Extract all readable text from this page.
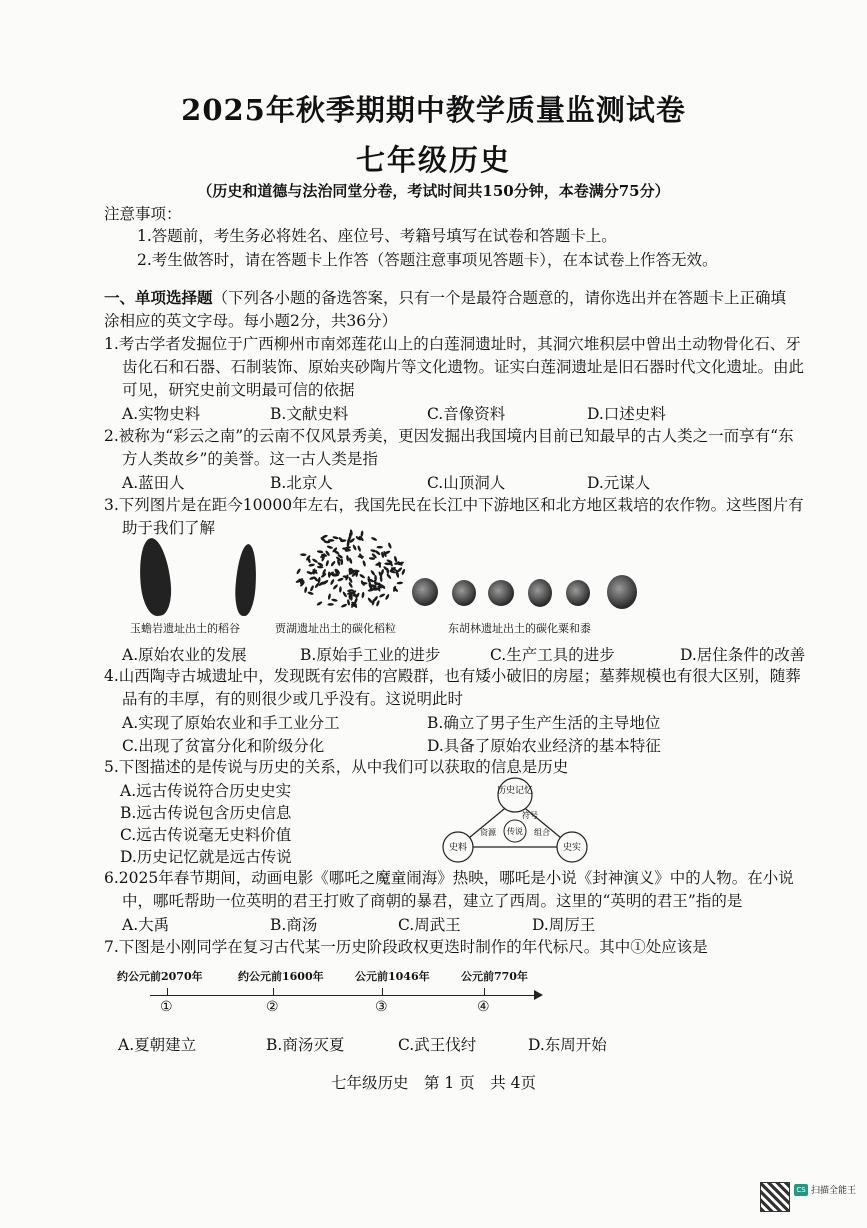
2025年秋季期期中教学质量监测试卷
七年级历史
（历史和道德与法治同堂分卷，考试时间共150分钟，本卷满分75分）
注意事项：
1.答题前，考生务必将姓名、座位号、考籍号填写在试卷和答题卡上。
2.考生做答时，请在答题卡上作答（答题注意事项见答题卡），在本试卷上作答无效。
一、单项选择题（下列各小题的备选答案，只有一个是最符合题意的，请你选出并在答题卡上正确填
涂相应的英文字母。每小题2分，共36分）
1.考古学者发掘位于广西柳州市南郊莲花山上的白莲洞遗址时，其洞穴堆积层中曾出土动物骨化石、牙
齿化石和石器、石制装饰、原始夹砂陶片等文化遗物。证实白莲洞遗址是旧石器时代文化遗址。由此
可见，研究史前文明最可信的依据
A.实物史料	B.文献史料	C.音像资料	D.口述史料
2.被称为“彩云之南”的云南不仅风景秀美，更因发掘出我国境内目前已知最早的古人类之一而享有“东
方人类故乡”的美誉。这一古人类是指
A.蓝田人	B.北京人	C.山顶洞人	D.元谋人
3.下列图片是在距今10000年左右，我国先民在长江中下游地区和北方地区栽培的农作物。这些图片有
助于我们了解
玉蟾岩遗址出土的稻谷	贾湖遗址出土的碳化稻粒	东胡林遗址出土的碳化粟和黍
A.原始农业的发展	B.原始手工业的进步	C.生产工具的进步	D.居住条件的改善
4.山西陶寺古城遗址中，发现既有宏伟的宫殿群，也有矮小破旧的房屋；墓葬规模也有很大区别，随葬
品有的丰厚，有的则很少或几乎没有。这说明此时
A.实现了原始农业和手工业分工	B.确立了男子生产生活的主导地位
C.出现了贫富分化和阶级分化	D.具备了原始农业经济的基本特征
5.下图描述的是传说与历史的关系，从中我们可以获取的信息是历史
A.远古传说符合历史史实
B.远古传说包含历史信息
C.远古传说毫无史料价值
D.历史记忆就是远古传说
历史记忆
史料	史实
传说
符号
资源	组合
6.2025年春节期间，动画电影《哪吒之魔童闹海》热映，哪吒是小说《封神演义》中的人物。在小说
中，哪吒帮助一位英明的君王打败了商朝的暴君，建立了西周。这里的“英明的君王”指的是
A.大禹	B.商汤	C.周武王	D.周厉王
7.下图是小刚同学在复习古代某一历史阶段政权更迭时制作的年代标尺。其中①处应该是
约公元前2070年
①
约公元前1600年
②
公元前1046年
③
公元前770年
④
A.夏朝建立	B.商汤灭夏	C.武王伐纣	D.东周开始
七年级历史　第 1 页　共 4页
CS 扫描全能王
